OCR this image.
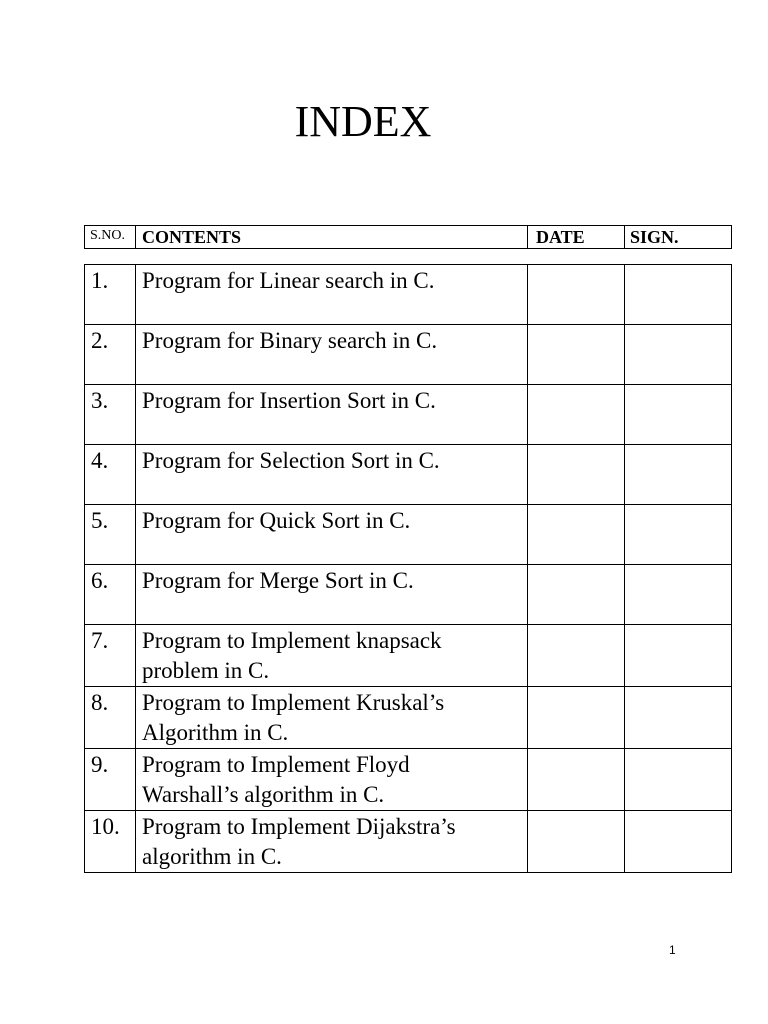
INDEX
S.NO.	CONTENTS	DATE	SIGN.
1.	Program for Linear search in C.		

2.	Program for Binary search in C.		

3.	Program for Insertion Sort in C.		

4.	Program for Selection Sort in C.		

5.	Program for Quick Sort in C.		

6.	Program for Merge Sort in C.		

7.	Program to Implement knapsack
problem in C.		

8.	Program to Implement Kruskal’s
Algorithm in C.		

9.	Program to Implement Floyd
Warshall’s algorithm in C.		

10.	Program to Implement Dijakstra’s
algorithm in C.		

1
